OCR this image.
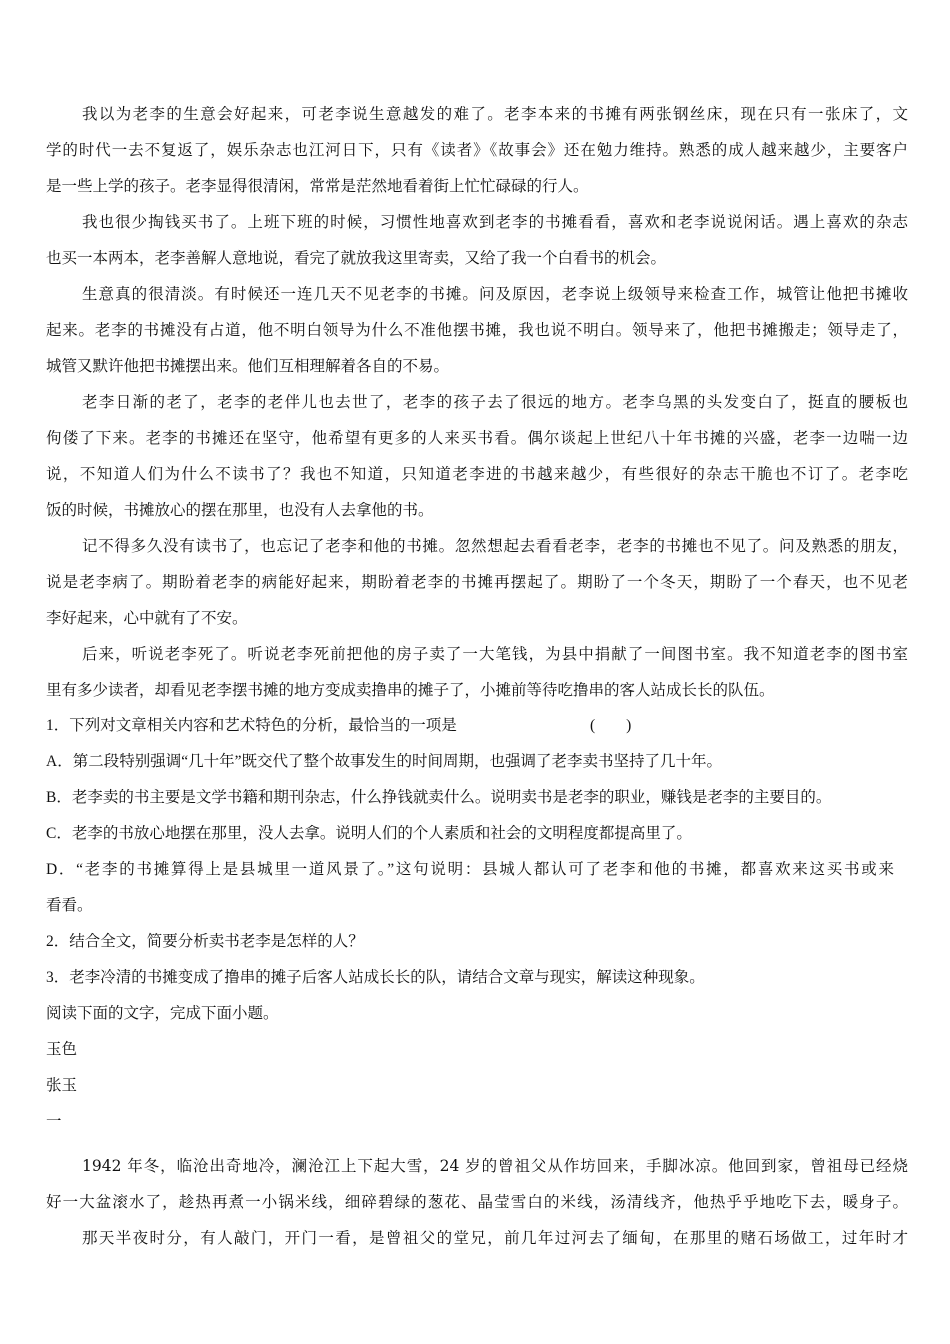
我以为老李的生意会好起来，可老李说生意越发的难了。老李本来的书摊有两张钢丝床，现在只有一张床了，文
学的时代一去不复返了，娱乐杂志也江河日下，只有《读者》《故事会》还在勉力维持。熟悉的成人越来越少，主要客户
是一些上学的孩子。老李显得很清闲，常常是茫然地看着街上忙忙碌碌的行人。
我也很少掏钱买书了。上班下班的时候，习惯性地喜欢到老李的书摊看看，喜欢和老李说说闲话。遇上喜欢的杂志
也买一本两本，老李善解人意地说，看完了就放我这里寄卖，又给了我一个白看书的机会。
生意真的很清淡。有时候还一连几天不见老李的书摊。问及原因，老李说上级领导来检查工作，城管让他把书摊收
起来。老李的书摊没有占道，他不明白领导为什么不准他摆书摊，我也说不明白。领导来了，他把书摊搬走；领导走了，
城管又默许他把书摊摆出来。他们互相理解着各自的不易。
老李日渐的老了，老李的老伴儿也去世了，老李的孩子去了很远的地方。老李乌黑的头发变白了，挺直的腰板也
佝偻了下来。老李的书摊还在坚守，他希望有更多的人来买书看。偶尔谈起上世纪八十年书摊的兴盛，老李一边喘一边
说，不知道人们为什么不读书了？我也不知道，只知道老李进的书越来越少，有些很好的杂志干脆也不订了。老李吃
饭的时候，书摊放心的摆在那里，也没有人去拿他的书。
记不得多久没有读书了，也忘记了老李和他的书摊。忽然想起去看看老李，老李的书摊也不见了。问及熟悉的朋友，
说是老李病了。期盼着老李的病能好起来，期盼着老李的书摊再摆起了。期盼了一个冬天，期盼了一个春天，也不见老
李好起来，心中就有了不安。
后来，听说老李死了。听说老李死前把他的房子卖了一大笔钱，为县中捐献了一间图书室。我不知道老李的图书室
里有多少读者，却看见老李摆书摊的地方变成卖撸串的摊子了，小摊前等待吃撸串的客人站成长长的队伍。
1．下列对文章相关内容和艺术特色的分析，最恰当的一项是	(　　)
A．第二段特别强调“几十年”既交代了整个故事发生的时间周期，也强调了老李卖书坚持了几十年。
B．老李卖的书主要是文学书籍和期刊杂志，什么挣钱就卖什么。说明卖书是老李的职业，赚钱是老李的主要目的。
C．老李的书放心地摆在那里，没人去拿。说明人们的个人素质和社会的文明程度都提高里了。
D．“老李的书摊算得上是县城里一道风景了。”这句说明：县城人都认可了老李和他的书摊，都喜欢来这买书或来
看看。
2．结合全文，简要分析卖书老李是怎样的人？
3．老李冷清的书摊变成了撸串的摊子后客人站成长长的队，请结合文章与现实，解读这种现象。
阅读下面的文字，完成下面小题。
玉色
张玉
一
1942 年冬，临沧出奇地冷，澜沧江上下起大雪，24 岁的曾祖父从作坊回来，手脚冰凉。他回到家，曾祖母已经烧
好一大盆滚水了，趁热再煮一小锅米线，细碎碧绿的葱花、晶莹雪白的米线，汤清线齐，他热乎乎地吃下去，暖身子。
那天半夜时分，有人敲门，开门一看，是曾祖父的堂兄，前几年过河去了缅甸，在那里的赌石场做工，过年时才
